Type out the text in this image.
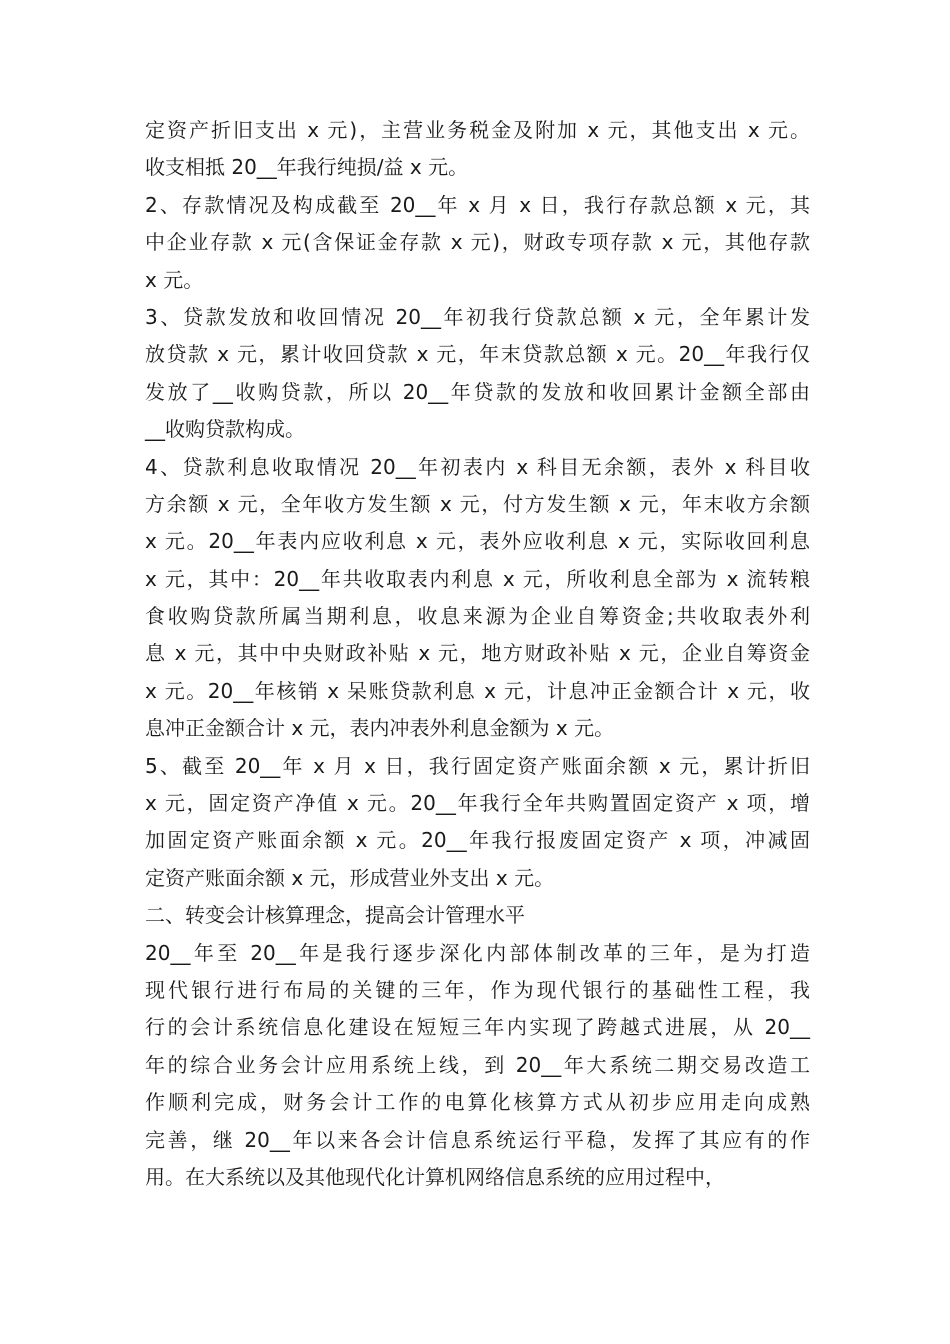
定资产折旧支出 x 元)，主营业务税金及附加 x 元，其他支出 x 元。
收支相抵 20__年我行纯损/益 x 元。
2、存款情况及构成截至 20__年 x 月 x 日，我行存款总额 x 元，其
中企业存款 x 元(含保证金存款 x 元)，财政专项存款 x 元，其他存款
x 元。
3、贷款发放和收回情况 20__年初我行贷款总额 x 元，全年累计发
放贷款 x 元，累计收回贷款 x 元，年末贷款总额 x 元。20__年我行仅
发放了__收购贷款，所以 20__年贷款的发放和收回累计金额全部由
__收购贷款构成。
4、贷款利息收取情况 20__年初表内 x 科目无余额，表外 x 科目收
方余额 x 元，全年收方发生额 x 元，付方发生额 x 元，年末收方余额
x 元。20__年表内应收利息 x 元，表外应收利息 x 元，实际收回利息
x 元，其中：20__年共收取表内利息 x 元，所收利息全部为 x 流转粮
食收购贷款所属当期利息，收息来源为企业自筹资金;共收取表外利
息 x 元，其中中央财政补贴 x 元，地方财政补贴 x 元，企业自筹资金
x 元。20__年核销 x 呆账贷款利息 x 元，计息冲正金额合计 x 元，收
息冲正金额合计 x 元，表内冲表外利息金额为 x 元。
5、截至 20__年 x 月 x 日，我行固定资产账面余额 x 元，累计折旧
x 元，固定资产净值 x 元。20__年我行全年共购置固定资产 x 项，增
加固定资产账面余额 x 元。20__年我行报废固定资产 x 项，冲减固
定资产账面余额 x 元，形成营业外支出 x 元。
二、转变会计核算理念，提高会计管理水平
20__年至 20__年是我行逐步深化内部体制改革的三年，是为打造
现代银行进行布局的关键的三年，作为现代银行的基础性工程，我
行的会计系统信息化建设在短短三年内实现了跨越式进展，从 20__
年的综合业务会计应用系统上线，到 20__年大系统二期交易改造工
作顺利完成，财务会计工作的电算化核算方式从初步应用走向成熟
完善，继 20__年以来各会计信息系统运行平稳，发挥了其应有的作
用。在大系统以及其他现代化计算机网络信息系统的应用过程中，
